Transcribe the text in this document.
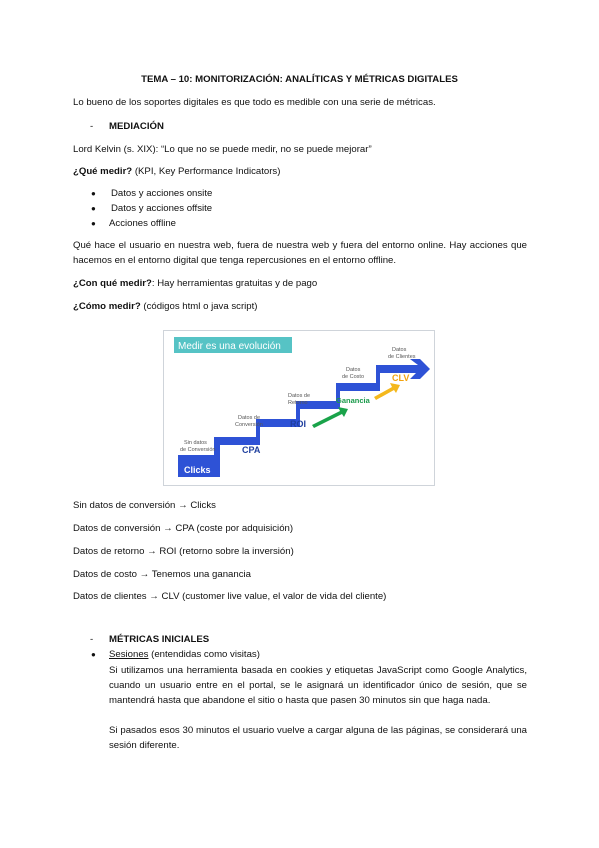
TEMA – 10: MONITORIZACIÓN: ANALÍTICAS Y MÉTRICAS DIGITALES
Lo bueno de los soportes digitales es que todo es medible con una serie de métricas.
- MEDIACIÓN
Lord Kelvin (s. XIX): “Lo que no se puede medir, no se puede mejorar”
¿Qué medir? (KPI, Key Performance Indicators)
● Datos y acciones onsite
● Datos y acciones offsite
● Acciones offline
Qué hace el usuario en nuestra web, fuera de nuestra web y fuera del entorno online. Hay acciones que hacemos en el entorno digital que tenga repercusiones en el entorno offline.
¿Con qué medir?: Hay herramientas gratuitas y de pago
¿Cómo medir? (códigos html o java script)
Medir es una evolución
Clicks
Sin datos
de Conversión	CPA
Datos de
Conversión	ROI
Datos de
Retorno	Ganancia
Datos
de Costo	CLV
Datos
de Clientes
Sin datos de conversión → Clicks
Datos de conversión → CPA (coste por adquisición)
Datos de retorno → ROI (retorno sobre la inversión)
Datos de costo → Tenemos una ganancia
Datos de clientes → CLV (customer live value, el valor de vida del cliente)
- MÉTRICAS INICIALES
● Sesiones (entendidas como visitas)
Si utilizamos una herramienta basada en cookies y etiquetas JavaScript como Google Analytics, cuando un usuario entre en el portal, se le asignará un identificador único de sesión, que se mantendrá hasta que abandone el sitio o hasta que pasen 30 minutos sin que haga nada.
Si pasados esos 30 minutos el usuario vuelve a cargar alguna de las páginas, se considerará una sesión diferente.
